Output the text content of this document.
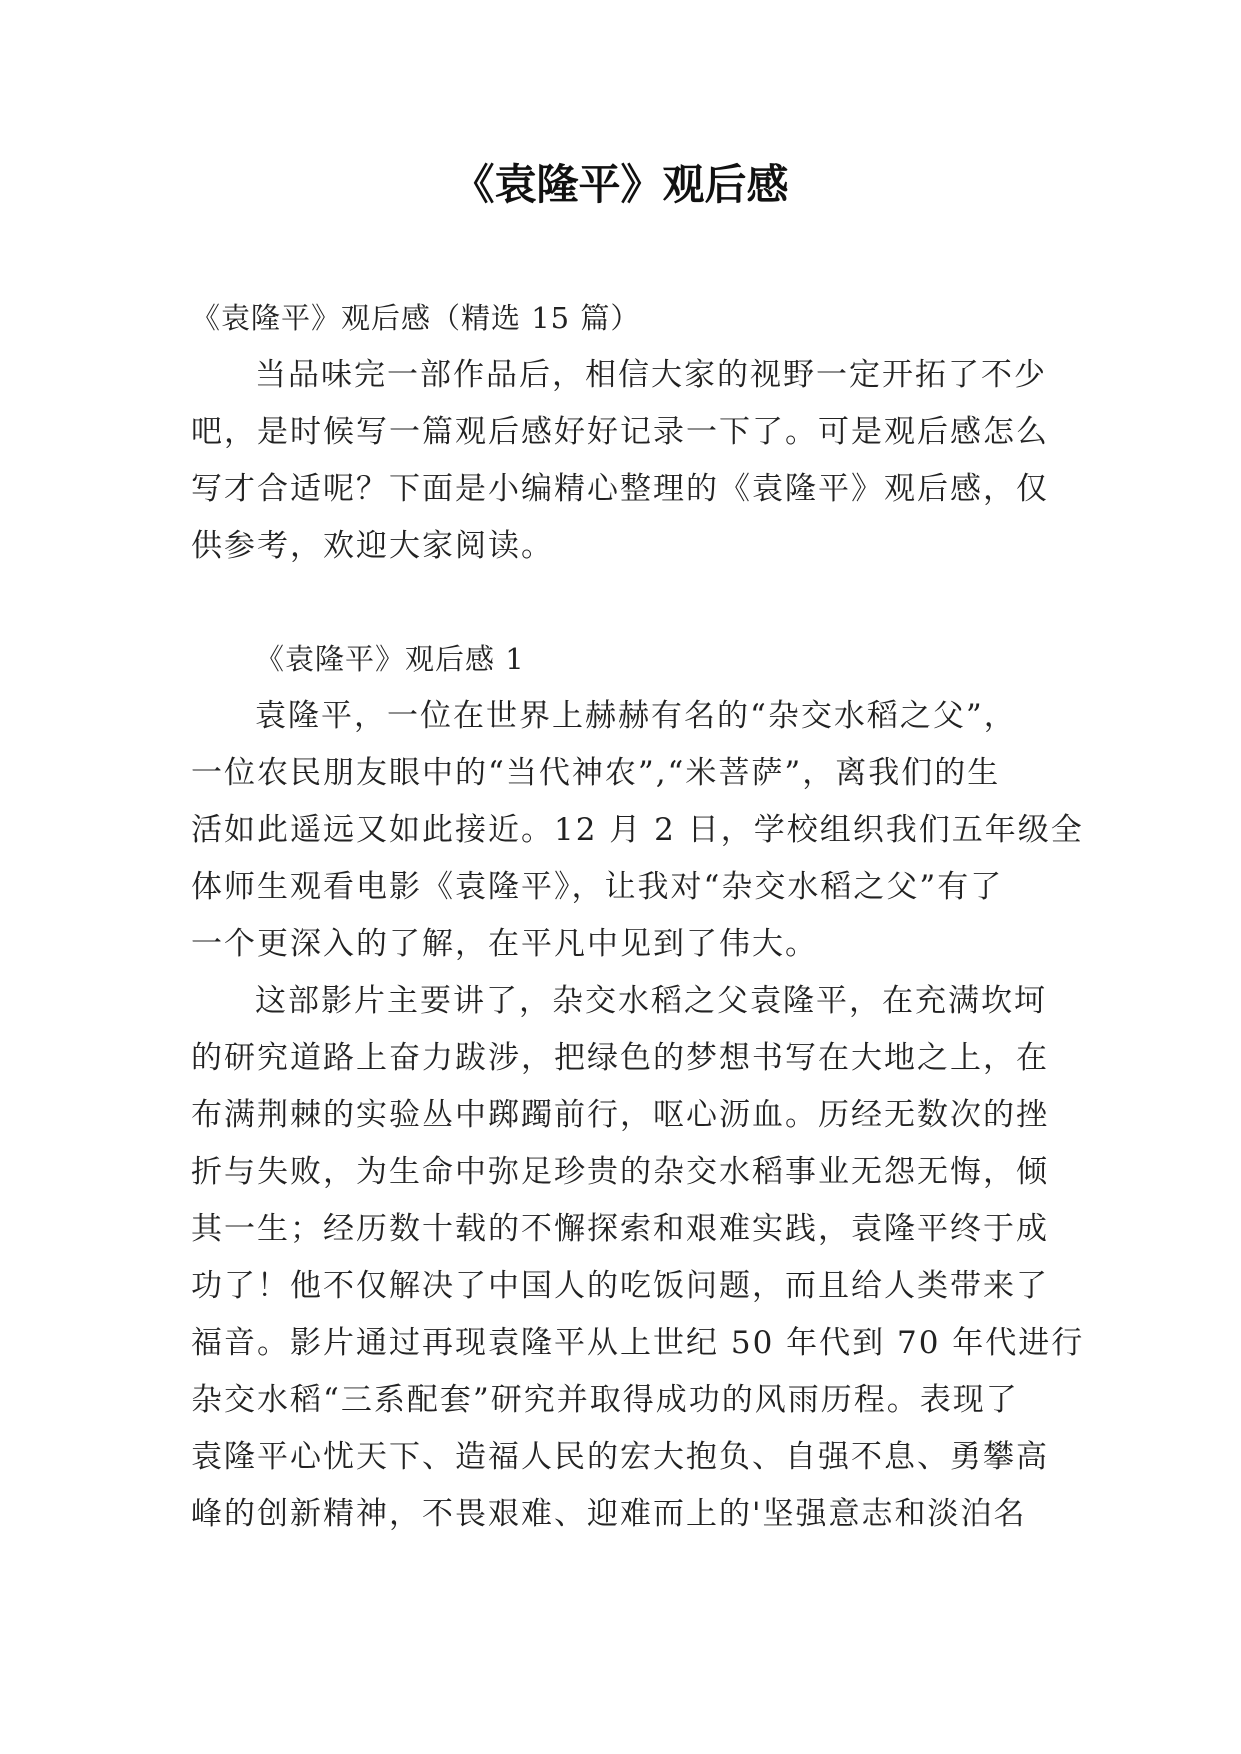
《袁隆平》观后感

《袁隆平》观后感（精选 15 篇）

当品味完一部作品后，相信大家的视野一定开拓了不少

吧，是时候写一篇观后感好好记录一下了。可是观后感怎么

写才合适呢？下面是小编精心整理的《袁隆平》观后感，仅

供参考，欢迎大家阅读。

《袁隆平》观后感 1

袁隆平，一位在世界上赫赫有名的“杂交水稻之父”，

一位农民朋友眼中的“当代神农”,“米菩萨”，离我们的生

活如此遥远又如此接近。12 月 2 日，学校组织我们五年级全

体师生观看电影《袁隆平》，让我对“杂交水稻之父”有了

一个更深入的了解，在平凡中见到了伟大。

这部影片主要讲了，杂交水稻之父袁隆平，在充满坎坷

的研究道路上奋力跋涉，把绿色的梦想书写在大地之上，在

布满荆棘的实验丛中踯躅前行，呕心沥血。历经无数次的挫

折与失败，为生命中弥足珍贵的杂交水稻事业无怨无悔，倾

其一生；经历数十载的不懈探索和艰难实践，袁隆平终于成

功了！他不仅解决了中国人的吃饭问题，而且给人类带来了

福音。影片通过再现袁隆平从上世纪 50 年代到 70 年代进行

杂交水稻“三系配套”研究并取得成功的风雨历程。表现了

袁隆平心忧天下、造福人民的宏大抱负、自强不息、勇攀高

峰的创新精神，不畏艰难、迎难而上的'坚强意志和淡泊名
